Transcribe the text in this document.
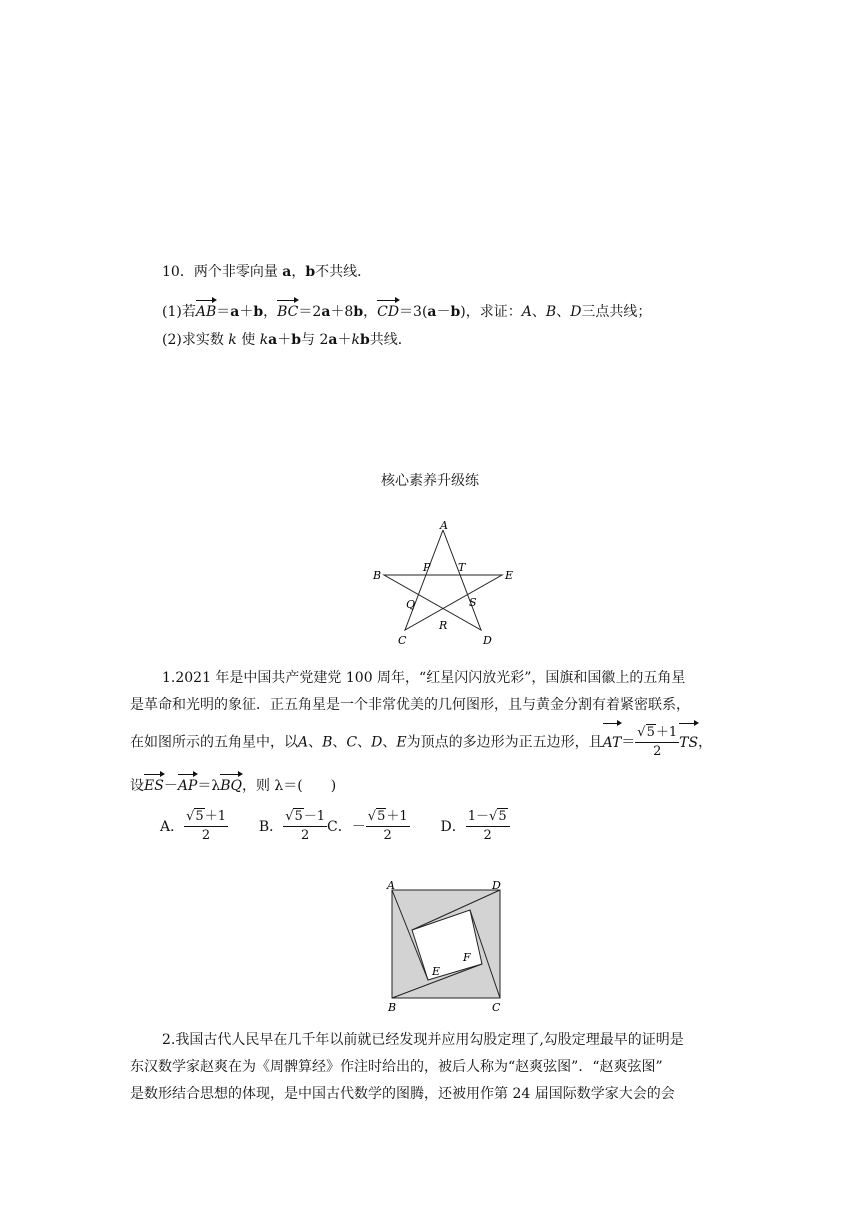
10．两个非零向量 a，b不共线．
(1)若AB＝a＋b，BC＝2a＋8b，CD＝3(a－b)，求证：A、B、D三点共线；
(2)求实数 k 使 ka＋b与 2a＋kb共线．
核心素养升级练
A
B
C	D
E
P	T
Q
R
S
1.2021 年是中国共产党建党 100 周年，“红星闪闪放光彩”，国旗和国徽上的五角星
是革命和光明的象征．正五角星是一个非常优美的几何图形，且与黄金分割有着紧密联系，
在如图所示的五角星中，以A、B、C、D、E为顶点的多边形为正五边形，且$AT= \frac{√5+1}{2}$ TS，
设ES－AP＝λBQ，则 λ＝(　　)
A． $\frac{√5+1}{2}$ B． $\frac{√5-1}{2}$ C．－ $\frac{√5+1}{2}$ D． $\frac{1-√5}{2}$
A	D
B	C
E
F
2.我国古代人民早在几千年以前就已经发现并应用勾股定理了,勾股定理最早的证明是
东汉数学家赵爽在为《周髀算经》作注时给出的，被后人称为“赵爽弦图”．“赵爽弦图”
是数形结合思想的体现，是中国古代数学的图腾，还被用作第 24 届国际数学家大会的会
